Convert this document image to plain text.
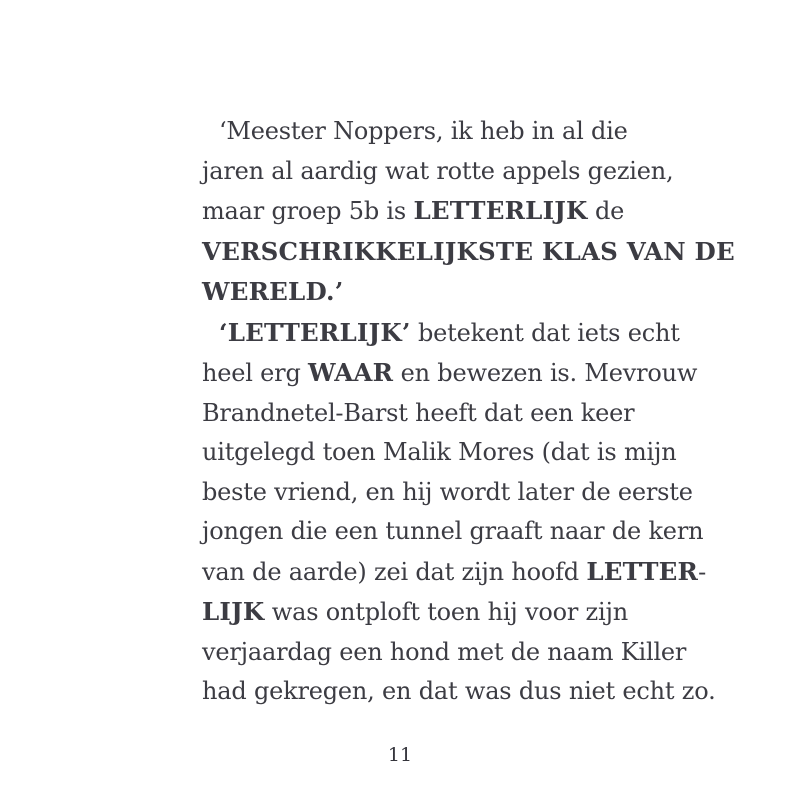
‘Meester Noppers, ik heb in al die
jaren al aardig wat rotte appels gezien,
maar groep 5b is LETTERLIJK de
VERSCHRIKKELIJKSTE KLAS VAN DE
WERELD.’
‘LETTERLIJK’ betekent dat iets echt
heel erg WAAR en bewezen is. Mevrouw
Brandnetel-Barst heeft dat een keer
uitgelegd toen Malik Mores (dat is mijn
beste vriend, en hij wordt later de eerste
jongen die een tunnel graaft naar de kern
van de aarde) zei dat zijn hoofd LETTER-
LIJK was ontploft toen hij voor zijn
verjaardag een hond met de naam Killer
had gekregen, en dat was dus niet echt zo.
11
